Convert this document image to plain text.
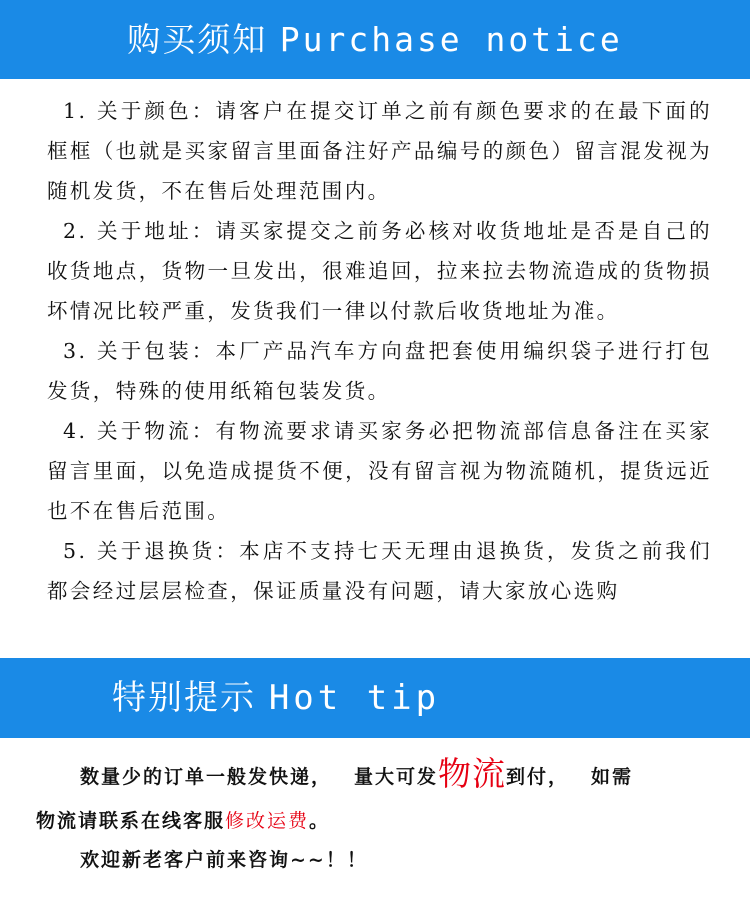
购买须知 Purchase notice
1. 关于颜色：请客户在提交订单之前有颜色要求的在最下面的框框（也就是买家留言里面备注好产品编号的颜色）留言混发视为随机发货，不在售后处理范围内。
2. 关于地址：请买家提交之前务必核对收货地址是否是自己的收货地点，货物一旦发出，很难追回，拉来拉去物流造成的货物损坏情况比较严重，发货我们一律以付款后收货地址为准。
3. 关于包装：本厂产品汽车方向盘把套使用编织袋子进行打包发货，特殊的使用纸箱包装发货。
4. 关于物流：有物流要求请买家务必把物流部信息备注在买家留言里面，以免造成提货不便，没有留言视为物流随机，提货远近也不在售后范围。
5. 关于退换货：本店不支持七天无理由退换货，发货之前我们都会经过层层检查，保证质量没有问题，请大家放心选购
特别提示 Hot tip
数量少的订单一般发快递， 量大可发物流到付， 如需
物流请联系在线客服修改运费。
欢迎新老客户前来咨询~~！！
